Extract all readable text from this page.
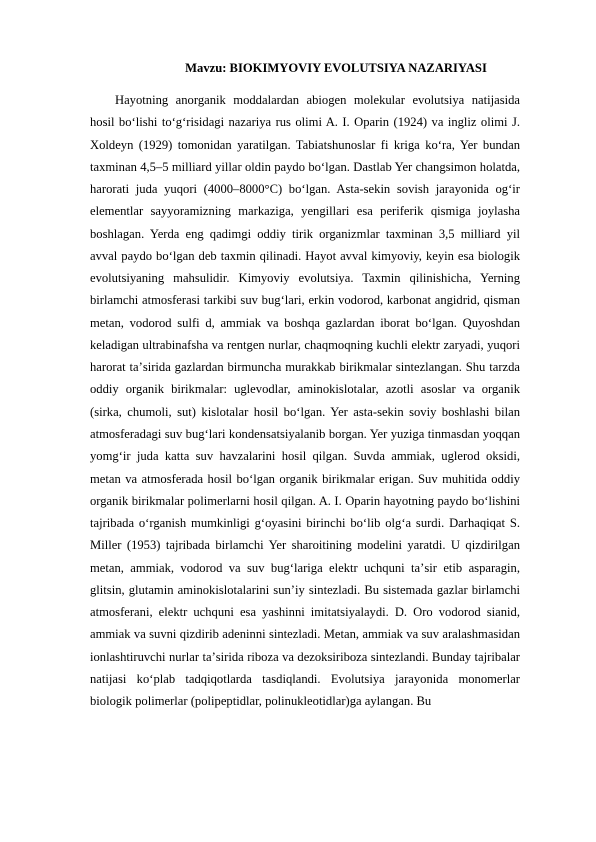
Mavzu: BIOKIMYOVIY EVOLUTSIYA NAZARIYASI

Hayotning anorganik moddalardan abiogen molekular evolutsiya natijasida hosil boʻlishi toʻgʻrisidagi nazariya rus olimi A. I. Oparin (1924) va ingliz olimi J. Xoldeyn (1929) tomonidan yaratilgan. Tabiatshunoslar fi kriga koʻra, Yer bundan taxminan 4,5–5 milliard yillar oldin paydo boʻlgan. Dastlab Yer changsimon holatda, harorati juda yuqori (4000–8000°C) boʻlgan. Asta-sekin sovish jarayonida ogʻir elementlar sayyoramizning markaziga, yengillari esa periferik qismiga joylasha boshlagan. Yerda eng qadimgi oddiy tirik organizmlar taxminan 3,5 milliard yil avval paydo boʻlgan deb taxmin qilinadi. Hayot avval kimyoviy, keyin esa biologik evolutsiyaning mahsulidir. Kimyoviy evolutsiya. Taxmin qilinishicha, Yerning birlamchi atmosferasi tarkibi suv bugʻlari, erkin vodorod, karbonat angidrid, qisman metan, vodorod sulfi d, ammiak va boshqa gazlardan iborat boʻlgan. Quyoshdan keladigan ultrabinafsha va rentgen nurlar, chaqmoqning kuchli elektr zaryadi, yuqori harorat taʼsirida gazlardan birmuncha murakkab birikmalar sintezlangan. Shu tarzda oddiy organik birikmalar: uglevodlar, aminokislotalar, azotli asoslar va organik (sirka, chumoli, sut) kislotalar hosil boʻlgan. Yer asta-sekin soviy boshlashi bilan atmosferadagi suv bugʻlari kondensatsiyalanib borgan. Yer yuziga tinmasdan yoqqan yomgʻir juda katta suv havzalarini hosil qilgan. Suvda ammiak, uglerod oksidi, metan va atmosferada hosil boʻlgan organik birikmalar erigan. Suv muhitida oddiy organik birikmalar polimerlarni hosil qilgan. A. I. Oparin hayotning paydo boʻlishini tajribada oʻrganish mumkinligi gʻoyasini birinchi boʻlib olgʻa surdi. Darhaqiqat S. Miller (1953) tajribada birlamchi Yer sharoitining modelini yaratdi. U qizdirilgan metan, ammiak, vodorod va suv bugʻlariga elektr uchquni taʼsir etib asparagin, glitsin, glutamin aminokislotalarini sunʼiy sintezladi. Bu sistemada gazlar birlamchi atmosferani, elektr uchquni esa yashinni imitatsiyalaydi. D. Oro vodorod sianid, ammiak va suvni qizdirib adeninni sintezladi. Metan, ammiak va suv aralashmasidan ionlashtiruvchi nurlar taʼsirida riboza va dezoksiriboza sintezlandi. Bunday tajribalar natijasi koʻplab tadqiqotlarda tasdiqlandi. Evolutsiya jarayonida monomerlar biologik polimerlar (polipeptidlar, polinukleotidlar)ga aylangan. Bu
